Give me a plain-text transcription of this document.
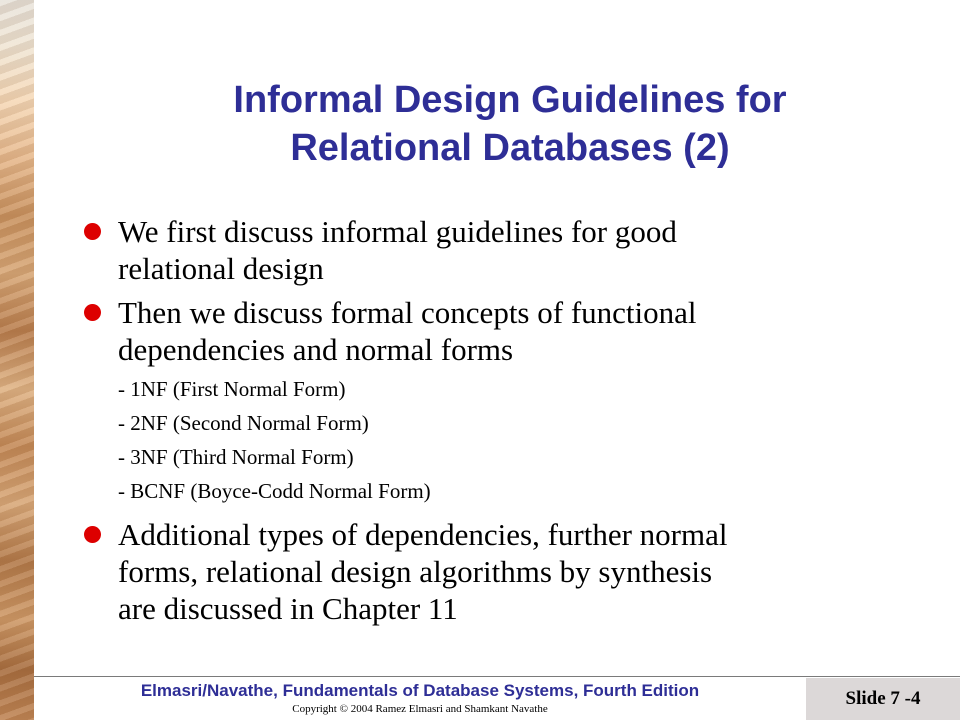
Informal Design Guidelines for
Relational Databases (2)
We first discuss informal guidelines for good
relational design
Then we discuss formal concepts of functional
dependencies and normal forms
- 1NF (First Normal Form)
- 2NF (Second Normal Form)
- 3NF (Third Normal Form)
- BCNF (Boyce-Codd Normal Form)
Additional types of dependencies, further normal
forms, relational design algorithms by synthesis
are discussed in Chapter 11
Elmasri/Navathe, Fundamentals of Database Systems, Fourth Edition
Copyright © 2004 Ramez Elmasri and Shamkant Navathe	Slide 7 -4
